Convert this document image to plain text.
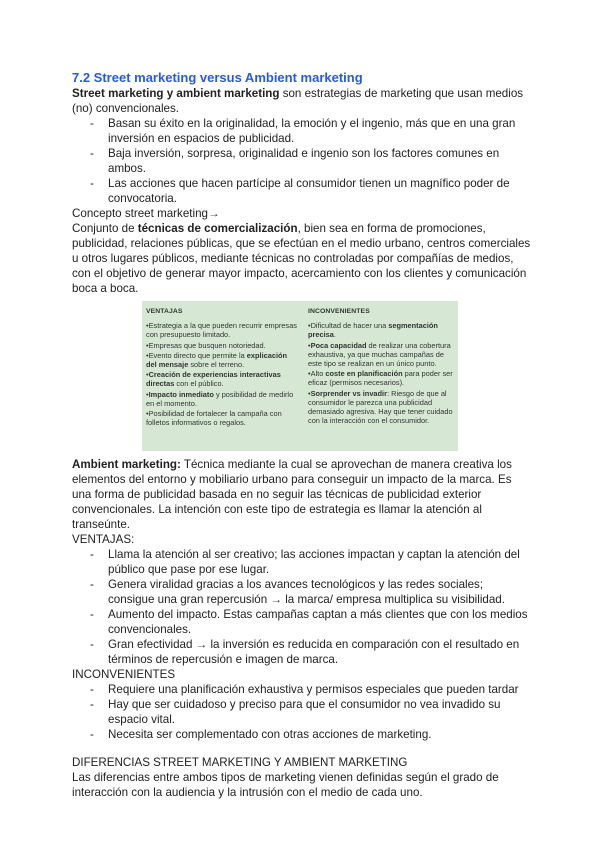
7.2 Street marketing versus Ambient marketing

Street marketing y ambient marketing son estrategias de marketing que usan medios (no) convencionales.

- Basan su éxito en la originalidad, la emoción y el ingenio, más que en una gran inversión en espacios de publicidad.
- Baja inversión, sorpresa, originalidad e ingenio son los factores comunes en ambos.
- Las acciones que hacen partícipe al consumidor tienen un magnífico poder de convocatoria.

Concepto street marketing→

Conjunto de técnicas de comercialización, bien sea en forma de promociones, publicidad, relaciones públicas, que se efectúan en el medio urbano, centros comerciales u otros lugares públicos, mediante técnicas no controladas por compañías de medios, con el objetivo de generar mayor impacto, acercamiento con los clientes y comunicación boca a boca.

VENTAJAS
•Estrategia a la que pueden recurrir empresas con presupuesto limitado.
•Empresas que busquen notoriedad.
•Evento directo que permite la explicación del mensaje sobre el terreno.
•Creación de experiencias interactivas directas con el público.
•Impacto inmediato y posibilidad de medirlo en el momento.
•Posibilidad de fortalecer la campaña con folletos informativos o regalos.
INCONVENIENTES
•Dificultad de hacer una segmentación precisa.
•Poca capacidad de realizar una cobertura exhaustiva, ya que muchas campañas de este tipo se realizan en un único punto.
•Alto coste en planificación para poder ser eficaz (permisos necesarios).
•Sorprender vs invadir: Riesgo de que al consumidor le parezca una publicidad demasiado agresiva. Hay que tener cuidado con la interacción con el consumidor.

Ambient marketing: Técnica mediante la cual se aprovechan de manera creativa los elementos del entorno y mobiliario urbano para conseguir un impacto de la marca. Es una forma de publicidad basada en no seguir las técnicas de publicidad exterior convencionales. La intención con este tipo de estrategia es llamar la atención al transeúnte.

VENTAJAS:

- Llama la atención al ser creativo; las acciones impactan y captan la atención del público que pase por ese lugar.
- Genera viralidad gracias a los avances tecnológicos y las redes sociales; consigue una gran repercusión → la marca/ empresa multiplica su visibilidad.
- Aumento del impacto. Estas campañas captan a más clientes que con los medios convencionales.
- Gran efectividad → la inversión es reducida en comparación con el resultado en términos de repercusión e imagen de marca.

INCONVENIENTES

- Requiere una planificación exhaustiva y permisos especiales que pueden tardar
- Hay que ser cuidadoso y preciso para que el consumidor no vea invadido su espacio vital.
- Necesita ser complementado con otras acciones de marketing.

DIFERENCIAS STREET MARKETING Y AMBIENT MARKETING

Las diferencias entre ambos tipos de marketing vienen definidas según el grado de interacción con la audiencia y la intrusión con el medio de cada uno.
